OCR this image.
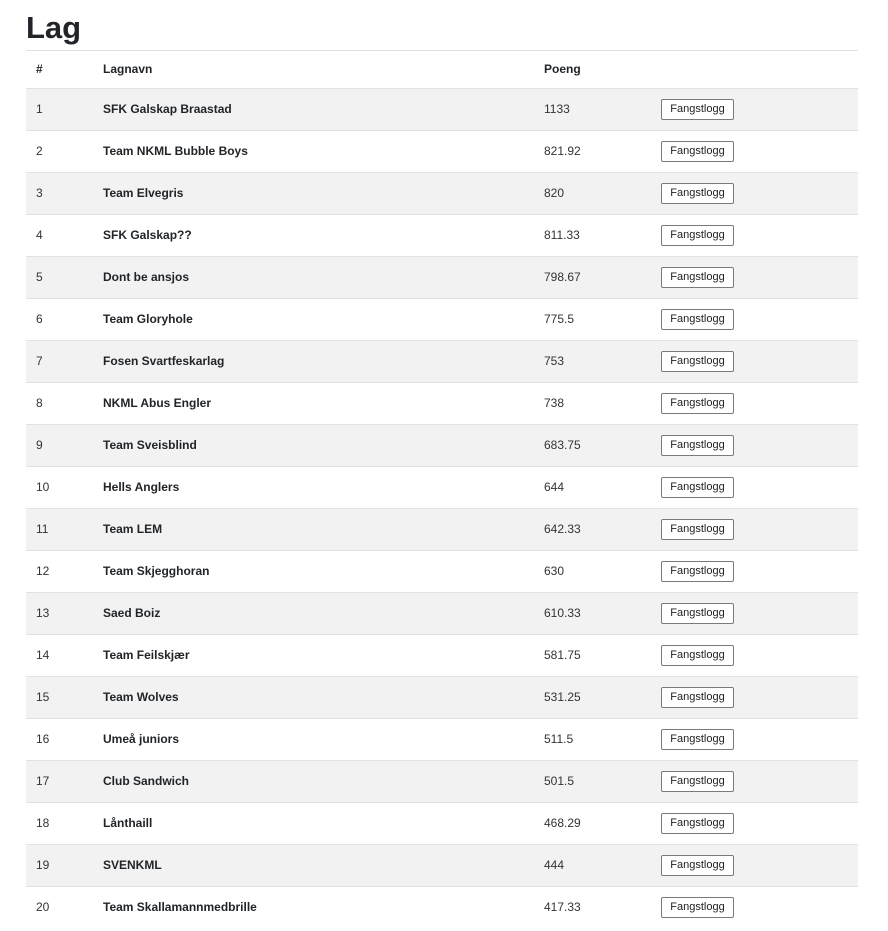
Lag
#	Lagnavn	Poeng	
1	SFK Galskap Braastad	1133	Fangstlogg
2	Team NKML Bubble Boys	821.92	Fangstlogg
3	Team Elvegris	820	Fangstlogg
4	SFK Galskap??	811.33	Fangstlogg
5	Dont be ansjos	798.67	Fangstlogg
6	Team Gloryhole	775.5	Fangstlogg
7	Fosen Svartfeskarlag	753	Fangstlogg
8	NKML Abus Engler	738	Fangstlogg
9	Team Sveisblind	683.75	Fangstlogg
10	Hells Anglers	644	Fangstlogg
11	Team LEM	642.33	Fangstlogg
12	Team Skjegghoran	630	Fangstlogg
13	Saed Boiz	610.33	Fangstlogg
14	Team Feilskjær	581.75	Fangstlogg
15	Team Wolves	531.25	Fangstlogg
16	Umeå juniors	511.5	Fangstlogg
17	Club Sandwich	501.5	Fangstlogg
18	Lånthaill	468.29	Fangstlogg
19	SVENKML	444	Fangstlogg
20	Team Skallamannmedbrille	417.33	Fangstlogg
